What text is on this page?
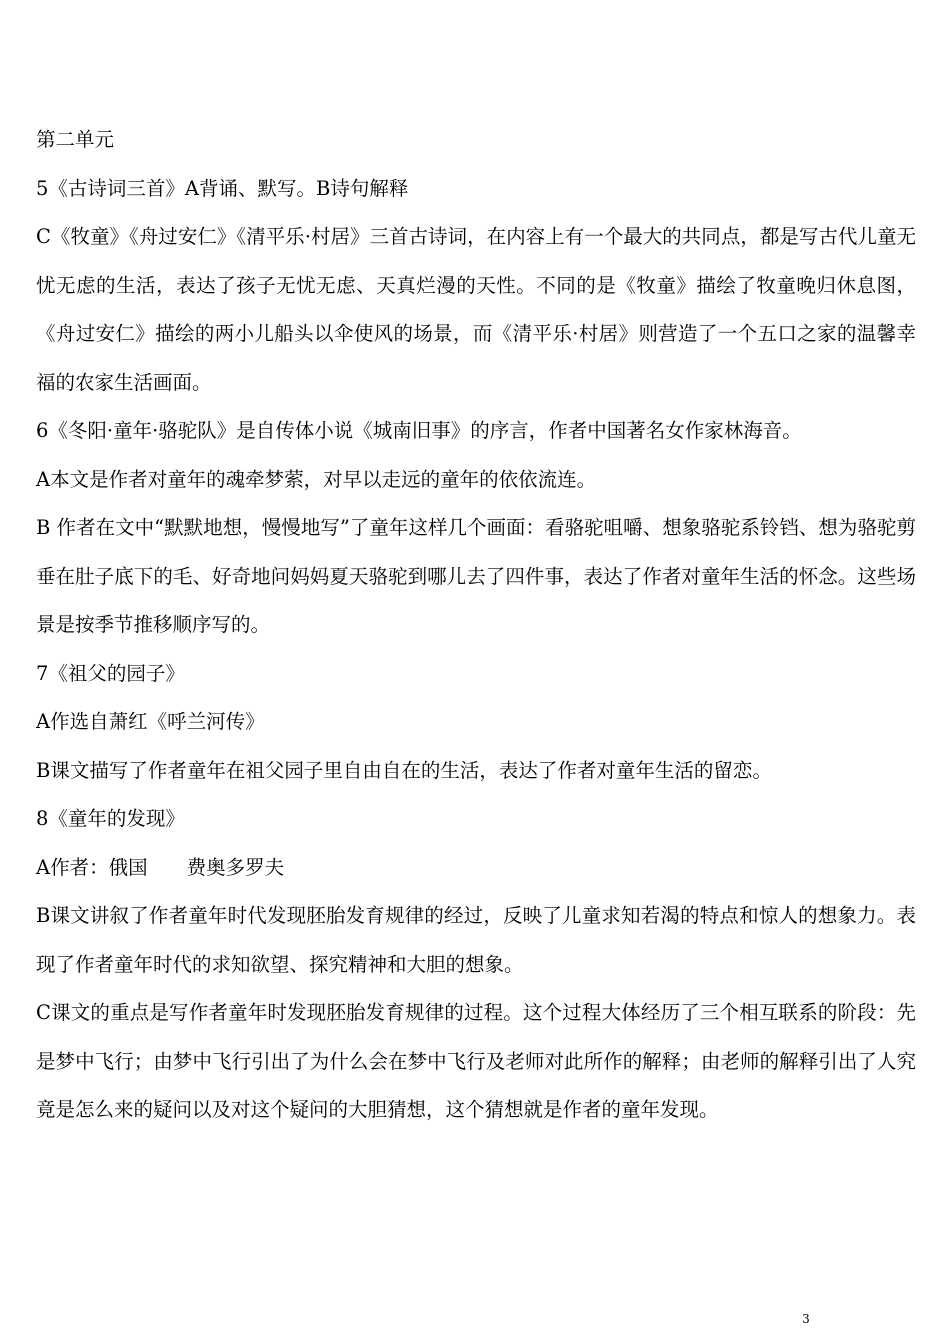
第二单元

5《古诗词三首》A背诵、默写。B诗句解释

C《牧童》《舟过安仁》《清平乐·村居》三首古诗词，在内容上有一个最大的共同点，都是写古代儿童无忧无虑的生活，表达了孩子无忧无虑、天真烂漫的天性。不同的是《牧童》描绘了牧童晚归休息图，《舟过安仁》描绘的两小儿船头以伞使风的场景，而《清平乐·村居》则营造了一个五口之家的温馨幸福的农家生活画面。

6《冬阳·童年·骆驼队》是自传体小说《城南旧事》的序言，作者中国著名女作家林海音。

A本文是作者对童年的魂牵梦萦，对早以走远的童年的依依流连。

B 作者在文中“默默地想，慢慢地写”了童年这样几个画面：看骆驼咀嚼、想象骆驼系铃铛、想为骆驼剪垂在肚子底下的毛、好奇地问妈妈夏天骆驼到哪儿去了四件事，表达了作者对童年生活的怀念。这些场景是按季节推移顺序写的。

7《祖父的园子》

A作选自萧红《呼兰河传》

B课文描写了作者童年在祖父园子里自由自在的生活，表达了作者对童年生活的留恋。

8《童年的发现》

A作者：俄国　　费奥多罗夫

B课文讲叙了作者童年时代发现胚胎发育规律的经过，反映了儿童求知若渴的特点和惊人的想象力。表现了作者童年时代的求知欲望、探究精神和大胆的想象。

C课文的重点是写作者童年时发现胚胎发育规律的过程。这个过程大体经历了三个相互联系的阶段：先是梦中飞行；由梦中飞行引出了为什么会在梦中飞行及老师对此所作的解释；由老师的解释引出了人究竟是怎么来的疑问以及对这个疑问的大胆猜想，这个猜想就是作者的童年发现。

3
